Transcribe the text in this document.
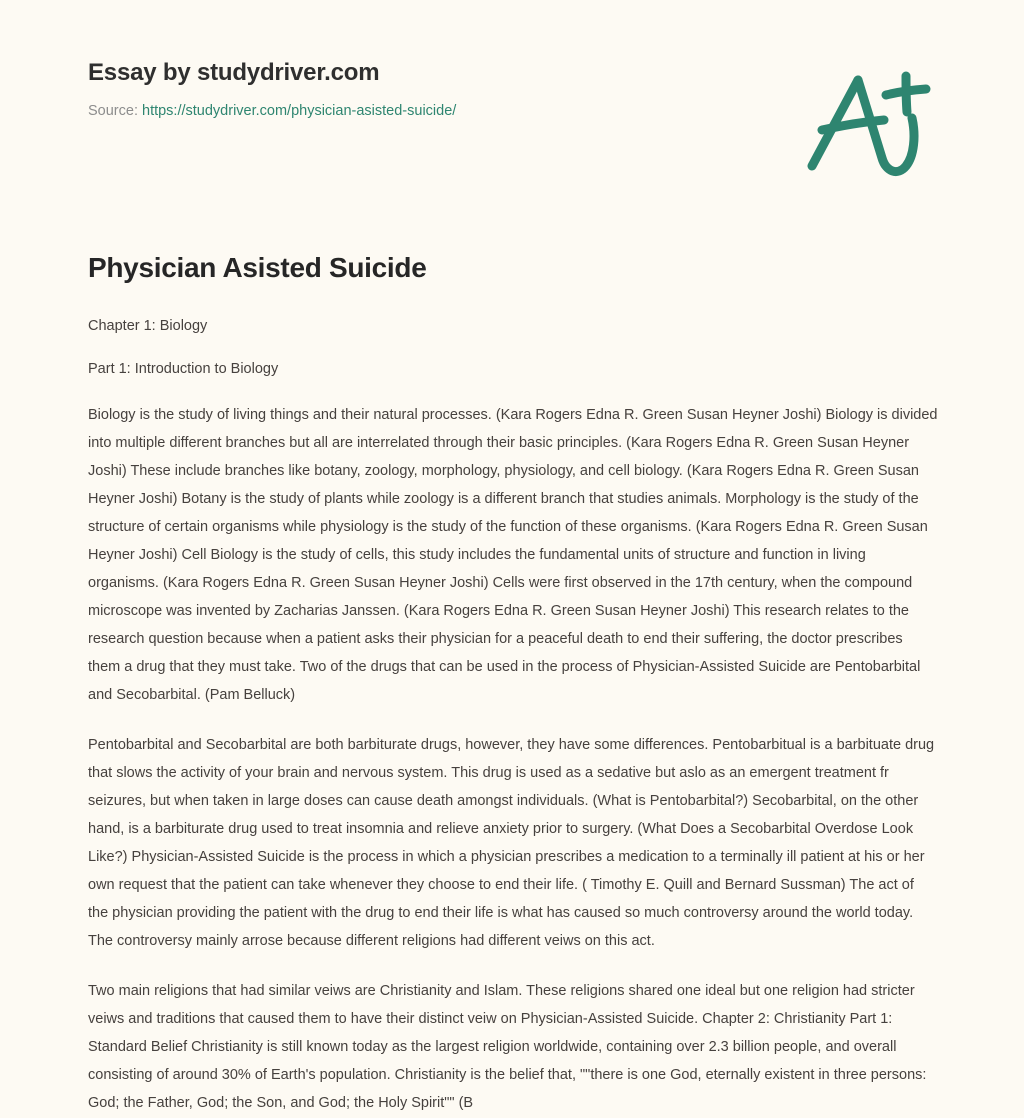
Essay by studydriver.com
Source: https://studydriver.com/physician-asisted-suicide/
Physician Asisted Suicide

Chapter 1: Biology

Part 1: Introduction to Biology

Biology is the study of living things and their natural processes. (Kara Rogers Edna R. Green Susan Heyner Joshi) Biology is divided into multiple different branches but all are interrelated through their basic principles. (Kara Rogers Edna R. Green Susan Heyner Joshi) These include branches like botany, zoology, morphology, physiology, and cell biology. (Kara Rogers Edna R. Green Susan Heyner Joshi) Botany is the study of plants while zoology is a different branch that studies animals. Morphology is the study of the structure of certain organisms while physiology is the study of the function of these organisms. (Kara Rogers Edna R. Green Susan Heyner Joshi) Cell Biology is the study of cells, this study includes the fundamental units of structure and function in living organisms. (Kara Rogers Edna R. Green Susan Heyner Joshi) Cells were first observed in the 17th century, when the compound microscope was invented by Zacharias Janssen. (Kara Rogers Edna R. Green Susan Heyner Joshi) This research relates to the research question because when a patient asks their physician for a peaceful death to end their suffering, the doctor prescribes them a drug that they must take. Two of the drugs that can be used in the process of Physician-Assisted Suicide are Pentobarbital and Secobarbital. (Pam Belluck)

Pentobarbital and Secobarbital are both barbiturate drugs, however, they have some differences. Pentobarbitual is a barbituate drug that slows the activity of your brain and nervous system. This drug is used as a sedative but aslo as an emergent treatment fr seizures, but when taken in large doses can cause death amongst individuals. (What is Pentobarbital?) Secobarbital, on the other hand, is a barbiturate drug used to treat insomnia and relieve anxiety prior to surgery. (What Does a Secobarbital Overdose Look Like?) Physician-Assisted Suicide is the process in which a physician prescribes a medication to a terminally ill patient at his or her own request that the patient can take whenever they choose to end their life. ( Timothy E. Quill and Bernard Sussman) The act of the physician providing the patient with the drug to end their life is what has caused so much controversy around the world today. The controversy mainly arrose because different religions had different veiws on this act.

Two main religions that had similar veiws are Christianity and Islam. These religions shared one ideal but one religion had stricter veiws and traditions that caused them to have their distinct veiw on Physician-Assisted Suicide. Chapter 2: Christianity Part 1: Standard Belief Christianity is still known today as the largest religion worldwide, containing over 2.3 billion people, and overall consisting of around 30% of Earth's population. Christianity is the belief that, ""there is one God, eternally existent in three persons: God; the Father, God; the Son, and God; the Holy Spirit"" (B
